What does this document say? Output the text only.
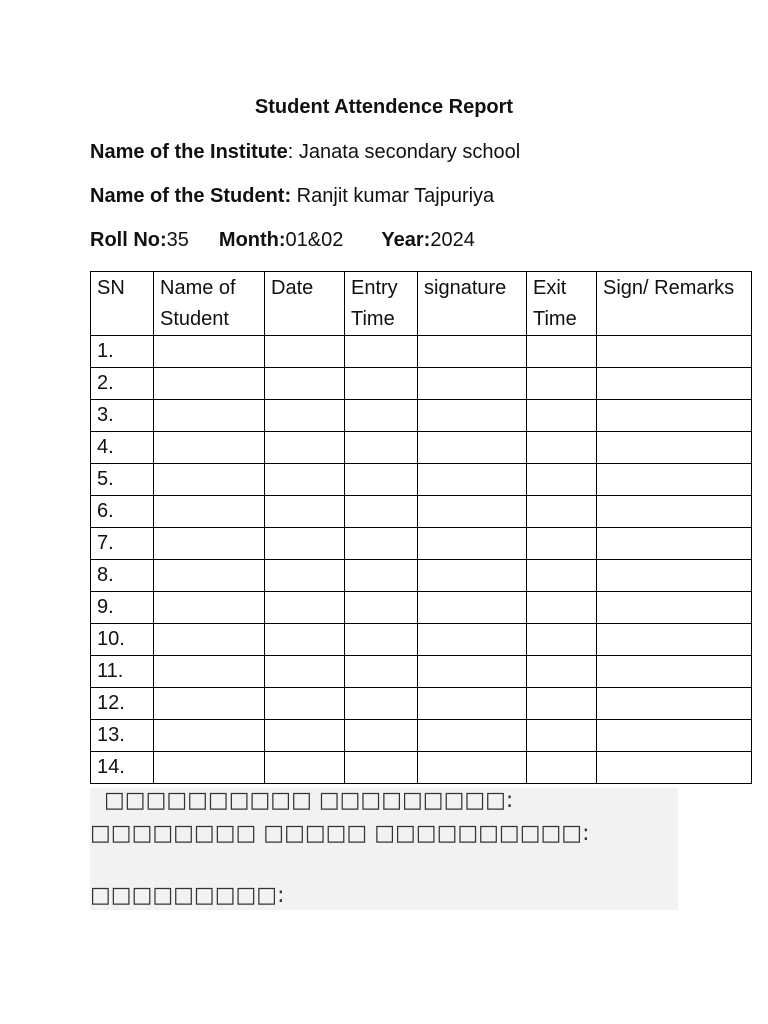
Student Attendence Report
Name of the Institute: Janata secondary school
Name of the Student: Ranjit kumar Tajpuriya
Roll No:35 Month:01&02 Year:2024
SN	Name of Student	Date	Entry Time	signature	Exit Time	Sign/ Remarks
1.						
2.						
3.						
4.						
5.						
6.						
7.						
8.						
9.						
10.						
11.						
12.						
13.						
14.						
□□□□□□□□□□ □□□□□□□□□:
□□□□□□□□ □□□□□ □□□□□□□□□□:
□□□□□□□□□:
